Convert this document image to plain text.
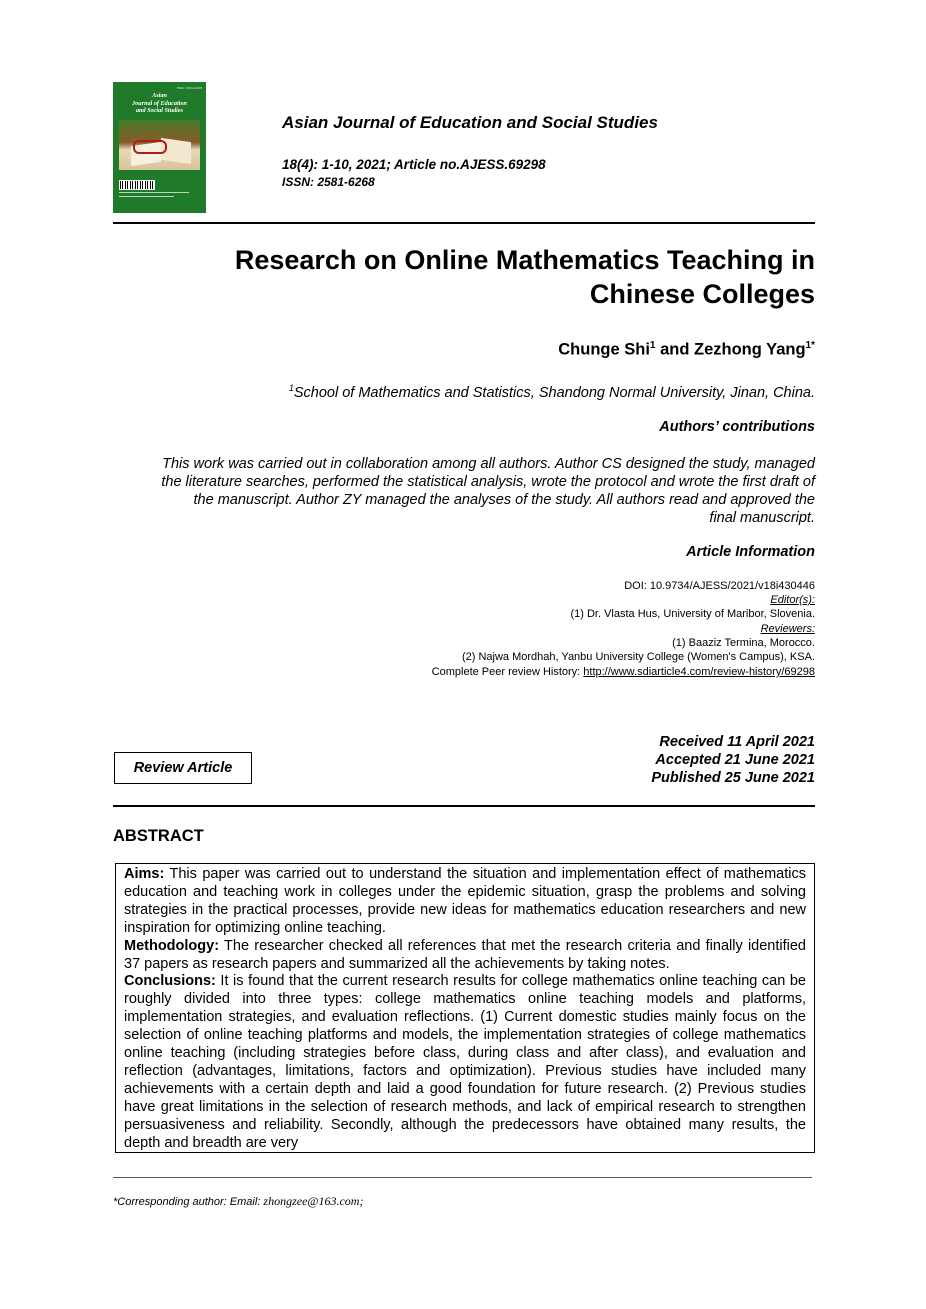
ISSN: 2581-6268
Asian
Journal of Education
and Social Studies
Asian Journal of Education and Social Studies
18(4): 1-10, 2021; Article no.AJESS.69298
ISSN: 2581-6268
Research on Online Mathematics Teaching in
Chinese Colleges
Chunge Shi$^1$ and Zezhong Yang$^{1*}$
$^1$School of Mathematics and Statistics, Shandong Normal University, Jinan, China.
Authors’ contributions
This work was carried out in collaboration among all authors. Author CS designed the study, managed
the literature searches, performed the statistical analysis, wrote the protocol and wrote the first draft of
the manuscript. Author ZY managed the analyses of the study. All authors read and approved the
final manuscript.
Article Information
DOI: 10.9734/AJESS/2021/v18i430446
Editor(s):
(1) Dr. Vlasta Hus, University of Maribor, Slovenia.
Reviewers:
(1) Baaziz Termina, Morocco.
(2) Najwa Mordhah, Yanbu University College (Women's Campus), KSA.
Complete Peer review History: http://www.sdiarticle4.com/review-history/69298
Review Article
Received 11 April 2021
Accepted 21 June 2021
Published 25 June 2021
ABSTRACT

Aims: This paper was carried out to understand the situation and implementation effect of mathematics education and teaching work in colleges under the epidemic situation, grasp the problems and solving strategies in the practical processes, provide new ideas for mathematics education researchers and new inspiration for optimizing online teaching.

Methodology: The researcher checked all references that met the research criteria and finally identified 37 papers as research papers and summarized all the achievements by taking notes.

Conclusions: It is found that the current research results for college mathematics online teaching can be roughly divided into three types: college mathematics online teaching models and platforms, implementation strategies, and evaluation reflections. (1) Current domestic studies mainly focus on the selection of online teaching platforms and models, the implementation strategies of college mathematics online teaching (including strategies before class, during class and after class), and evaluation and reflection (advantages, limitations, factors and optimization). Previous studies have included many achievements with a certain depth and laid a good foundation for future research. (2) Previous studies have great limitations in the selection of research methods, and lack of empirical research to strengthen persuasiveness and reliability. Secondly, although the predecessors have obtained many results, the depth and breadth are very

*Corresponding author: Email: zhongzee@163.com;
